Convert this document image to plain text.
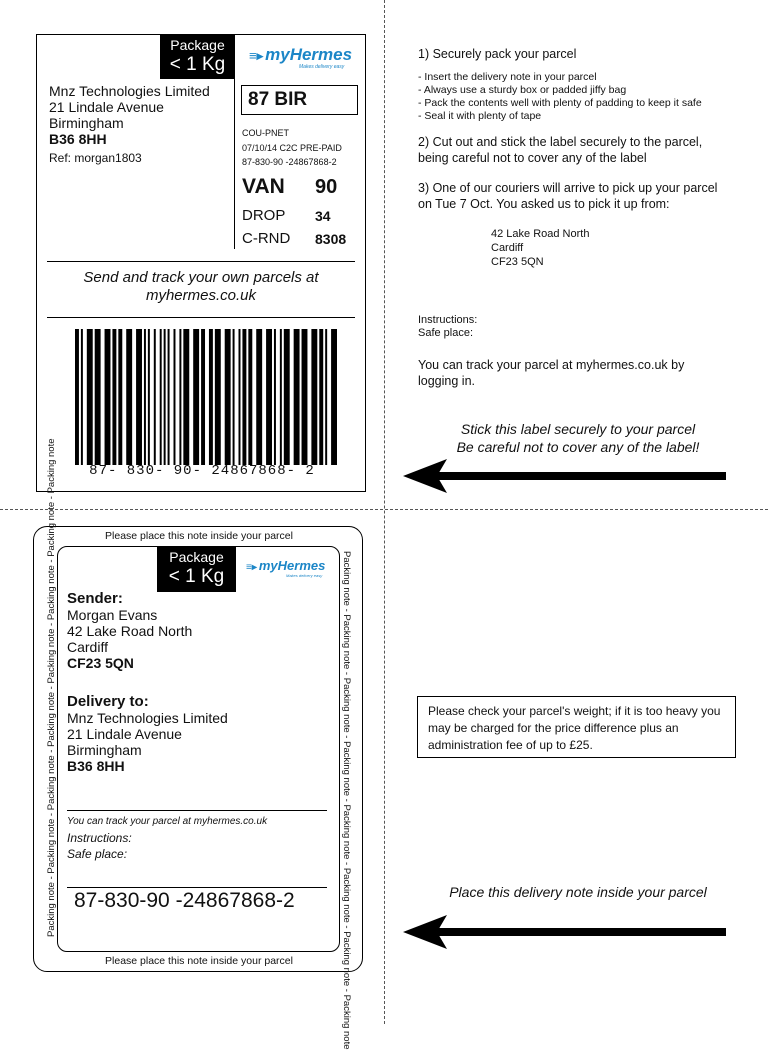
Package
< 1 Kg	≡▸ myHermes
Makes delivery easy
Mnz Technologies Limited
21 Lindale Avenue
Birmingham
B36 8HH
Ref: morgan1803
87 BIR
COU-PNET
07/10/14 C2C PRE-PAID
87-830-90 -24867868-2
VAN 90
DROP 34
C-RND 8308
Send and track your own parcels at
myhermes.co.uk
87- 830- 90- 24867868- 2
1) Securely pack your parcel
- Insert the delivery note in your parcel
- Always use a sturdy box or padded jiffy bag
- Pack the contents well with plenty of padding to keep it safe
- Seal it with plenty of tape
2) Cut out and stick the label securely to the parcel,
being careful not to cover any of the label
3) One of our couriers will arrive to pick up your parcel
on Tue 7 Oct. You asked us to pick it up from:
42 Lake Road North
Cardiff
CF23 5QN
Instructions:
Safe place:
You can track your parcel at myhermes.co.uk by
logging in.
Stick this label securely to your parcel
Be careful not to cover any of the label!
Please place this note inside your parcel
Please place this note inside your parcel
Packing note - Packing note - Packing note - Packing note - Packing note - Packing note - Packing note - Packing note	Packing note - Packing note - Packing note - Packing note - Packing note - Packing note - Packing note - Packing note
Package
< 1 Kg	≡▸ myHermes
Makes delivery easy
Sender:
Morgan Evans
42 Lake Road North
Cardiff
CF23 5QN
Delivery to:
Mnz Technologies Limited
21 Lindale Avenue
Birmingham
B36 8HH
You can track your parcel at myhermes.co.uk
Instructions:
Safe place:
87-830-90 -24867868-2
Please check your parcel's weight; if it is too heavy you may be charged for the price difference plus an administration fee of up to £25.
Place this delivery note inside your parcel
